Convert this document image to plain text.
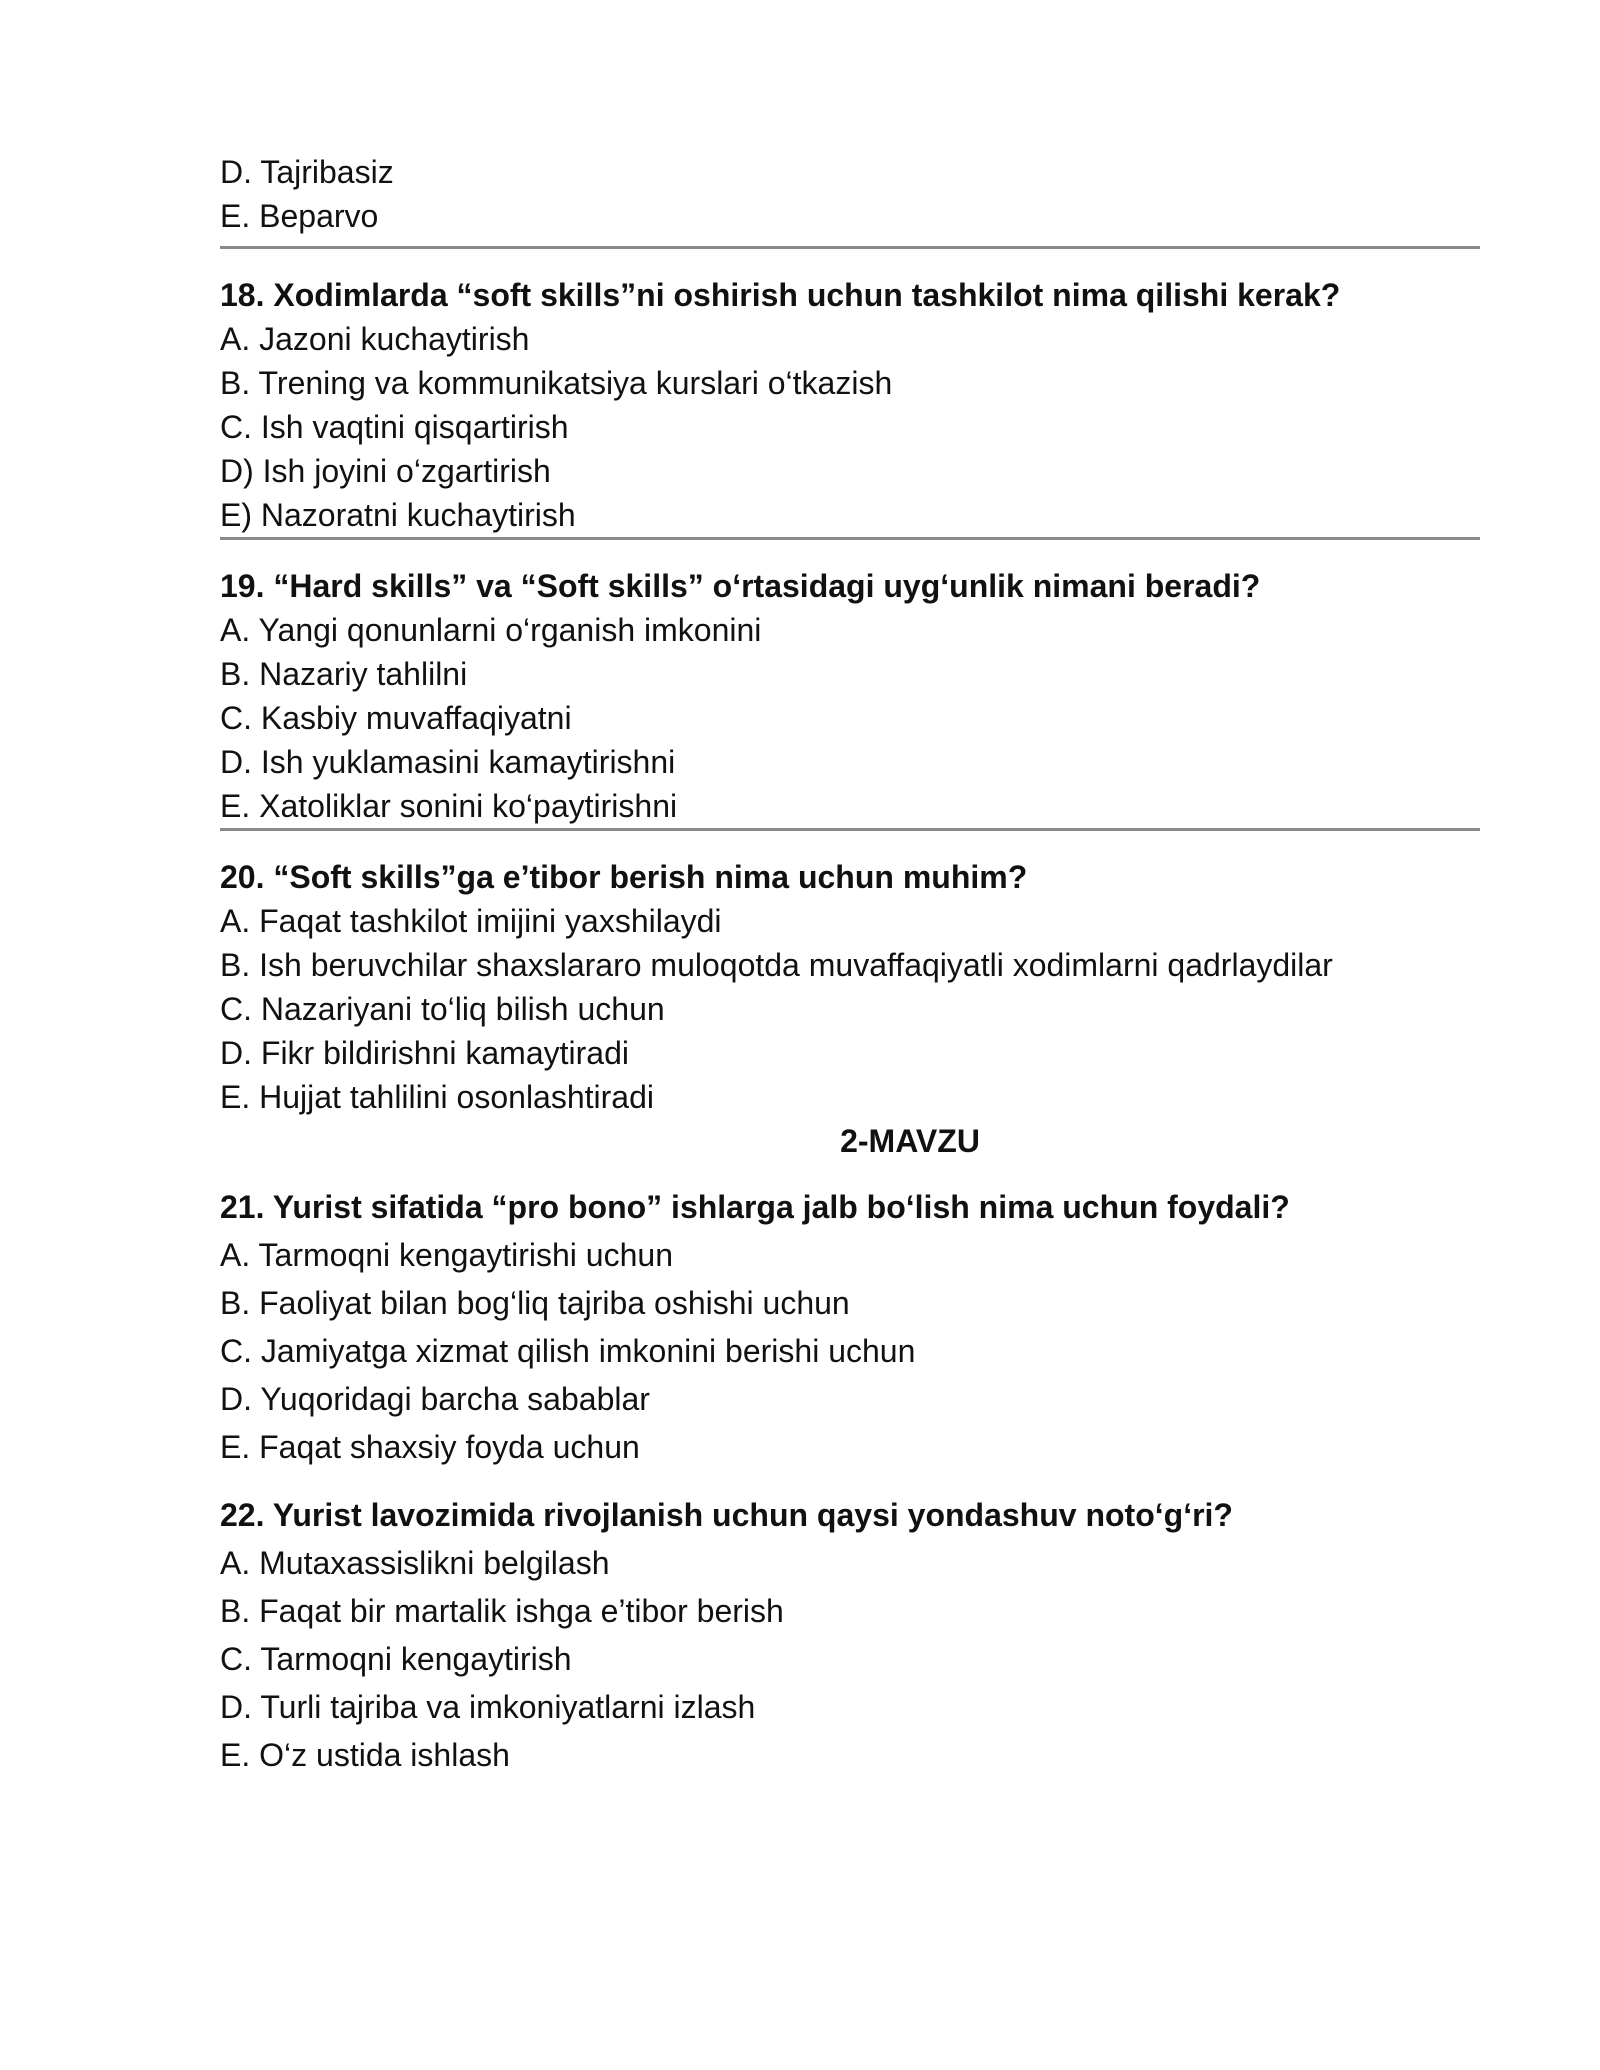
D. Tajribasiz
E. Beparvo
18. Xodimlarda “soft skills”ni oshirish uchun tashkilot nima qilishi kerak?
A. Jazoni kuchaytirish
B. Trening va kommunikatsiya kurslari o‘tkazish
C. Ish vaqtini qisqartirish
D) Ish joyini o‘zgartirish
E) Nazoratni kuchaytirish
19. “Hard skills” va “Soft skills” o‘rtasidagi uyg‘unlik nimani beradi?
A. Yangi qonunlarni o‘rganish imkonini
B. Nazariy tahlilni
C. Kasbiy muvaffaqiyatni
D. Ish yuklamasini kamaytirishni
E. Xatoliklar sonini ko‘paytirishni
20. “Soft skills”ga e’tibor berish nima uchun muhim?
A. Faqat tashkilot imijini yaxshilaydi
B. Ish beruvchilar shaxslararo muloqotda muvaffaqiyatli xodimlarni qadrlaydilar
C. Nazariyani to‘liq bilish uchun
D. Fikr bildirishni kamaytiradi
E. Hujjat tahlilini osonlashtiradi
2-MAVZU
21. Yurist sifatida “pro bono” ishlarga jalb bo‘lish nima uchun foydali?
A. Tarmoqni kengaytirishi uchun
B. Faoliyat bilan bog‘liq tajriba oshishi uchun
C. Jamiyatga xizmat qilish imkonini berishi uchun
D. Yuqoridagi barcha sabablar
E. Faqat shaxsiy foyda uchun
22. Yurist lavozimida rivojlanish uchun qaysi yondashuv noto‘g‘ri?
A. Mutaxassislikni belgilash
B. Faqat bir martalik ishga e’tibor berish
C. Tarmoqni kengaytirish
D. Turli tajriba va imkoniyatlarni izlash
E. O‘z ustida ishlash
